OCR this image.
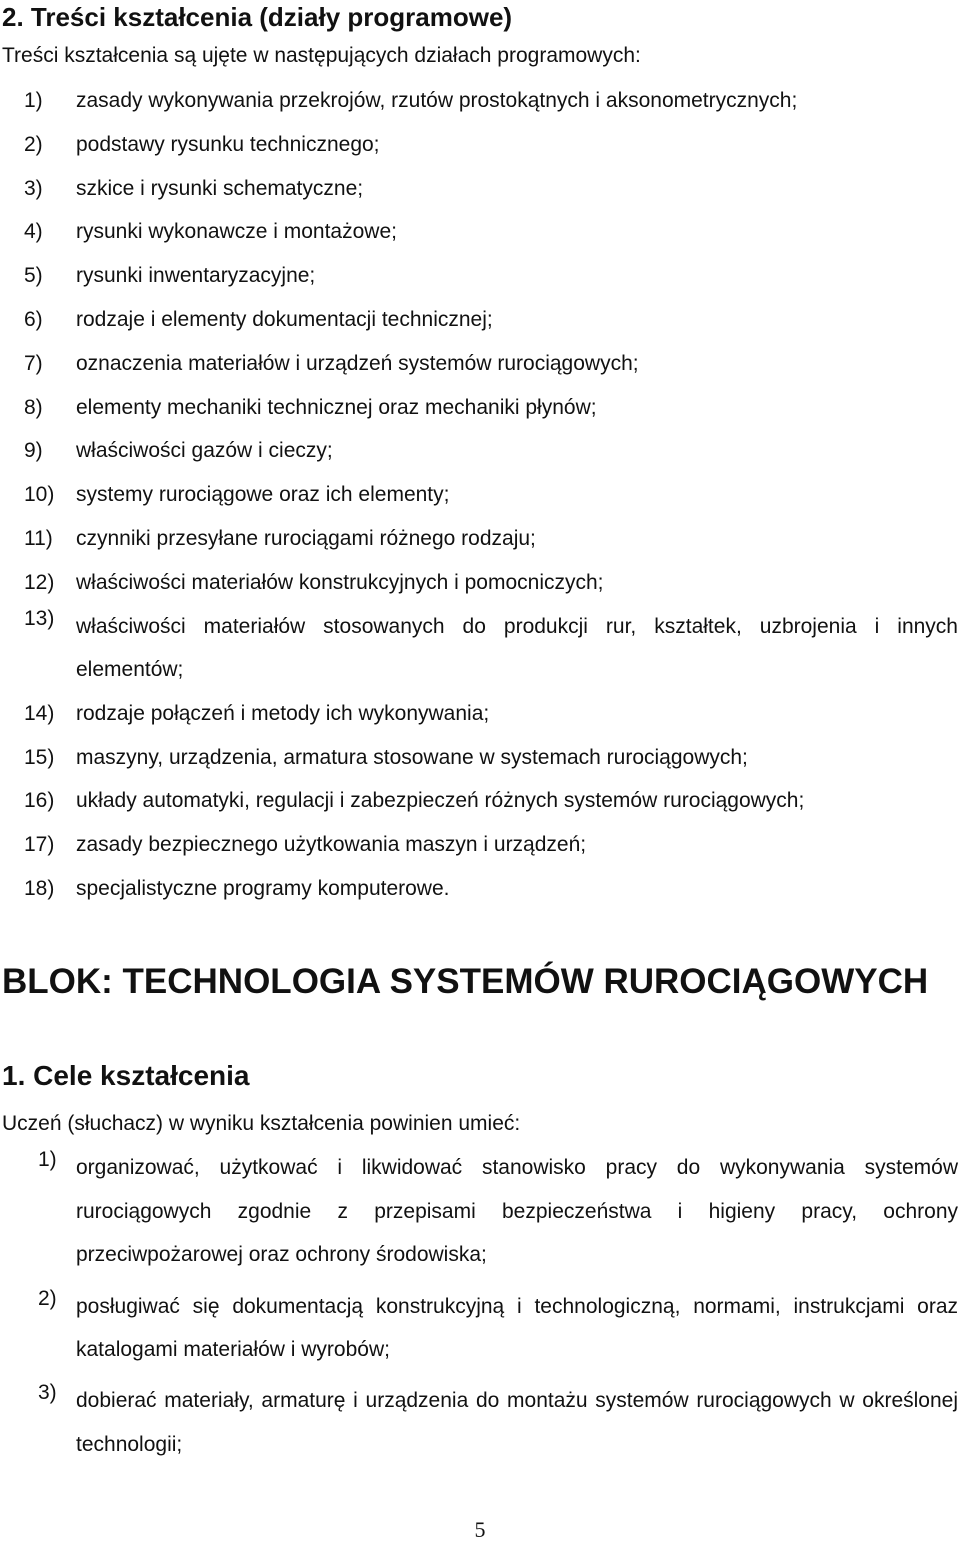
2. Treści kształcenia (działy programowe)

Treści kształcenia są ujęte w następujących działach programowych:

1) zasady wykonywania przekrojów, rzutów prostokątnych i aksonometrycznych;
2) podstawy rysunku technicznego;
3) szkice i rysunki schematyczne;
4) rysunki wykonawcze i montażowe;
5) rysunki inwentaryzacyjne;
6) rodzaje i elementy dokumentacji technicznej;
7) oznaczenia materiałów i urządzeń systemów rurociągowych;
8) elementy mechaniki technicznej oraz mechaniki płynów;
9) właściwości gazów i cieczy;
10) systemy rurociągowe oraz ich elementy;
11) czynniki przesyłane rurociągami różnego rodzaju;
12) właściwości materiałów konstrukcyjnych i pomocniczych;
13) właściwości materiałów stosowanych do produkcji rur, kształtek, uzbrojenia i innych elementów;
14) rodzaje połączeń i metody ich wykonywania;
15) maszyny, urządzenia, armatura stosowane w systemach rurociągowych;
16) układy automatyki, regulacji i zabezpieczeń różnych systemów rurociągowych;
17) zasady bezpiecznego użytkowania maszyn i urządzeń;
18) specjalistyczne programy komputerowe.
BLOK: TECHNOLOGIA SYSTEMÓW RUROCIĄGOWYCH
1. Cele kształcenia

Uczeń (słuchacz) w wyniku kształcenia powinien umieć:

1) organizować, użytkować i likwidować stanowisko pracy do wykonywania systemów rurociągowych zgodnie z przepisami bezpieczeństwa i higieny pracy, ochrony przeciwpożarowej oraz ochrony środowiska;
2) posługiwać się dokumentacją konstrukcyjną i technologiczną, normami, instrukcjami oraz katalogami materiałów i wyrobów;
3) dobierać materiały, armaturę i urządzenia do montażu systemów rurociągowych w określonej technologii;
5
